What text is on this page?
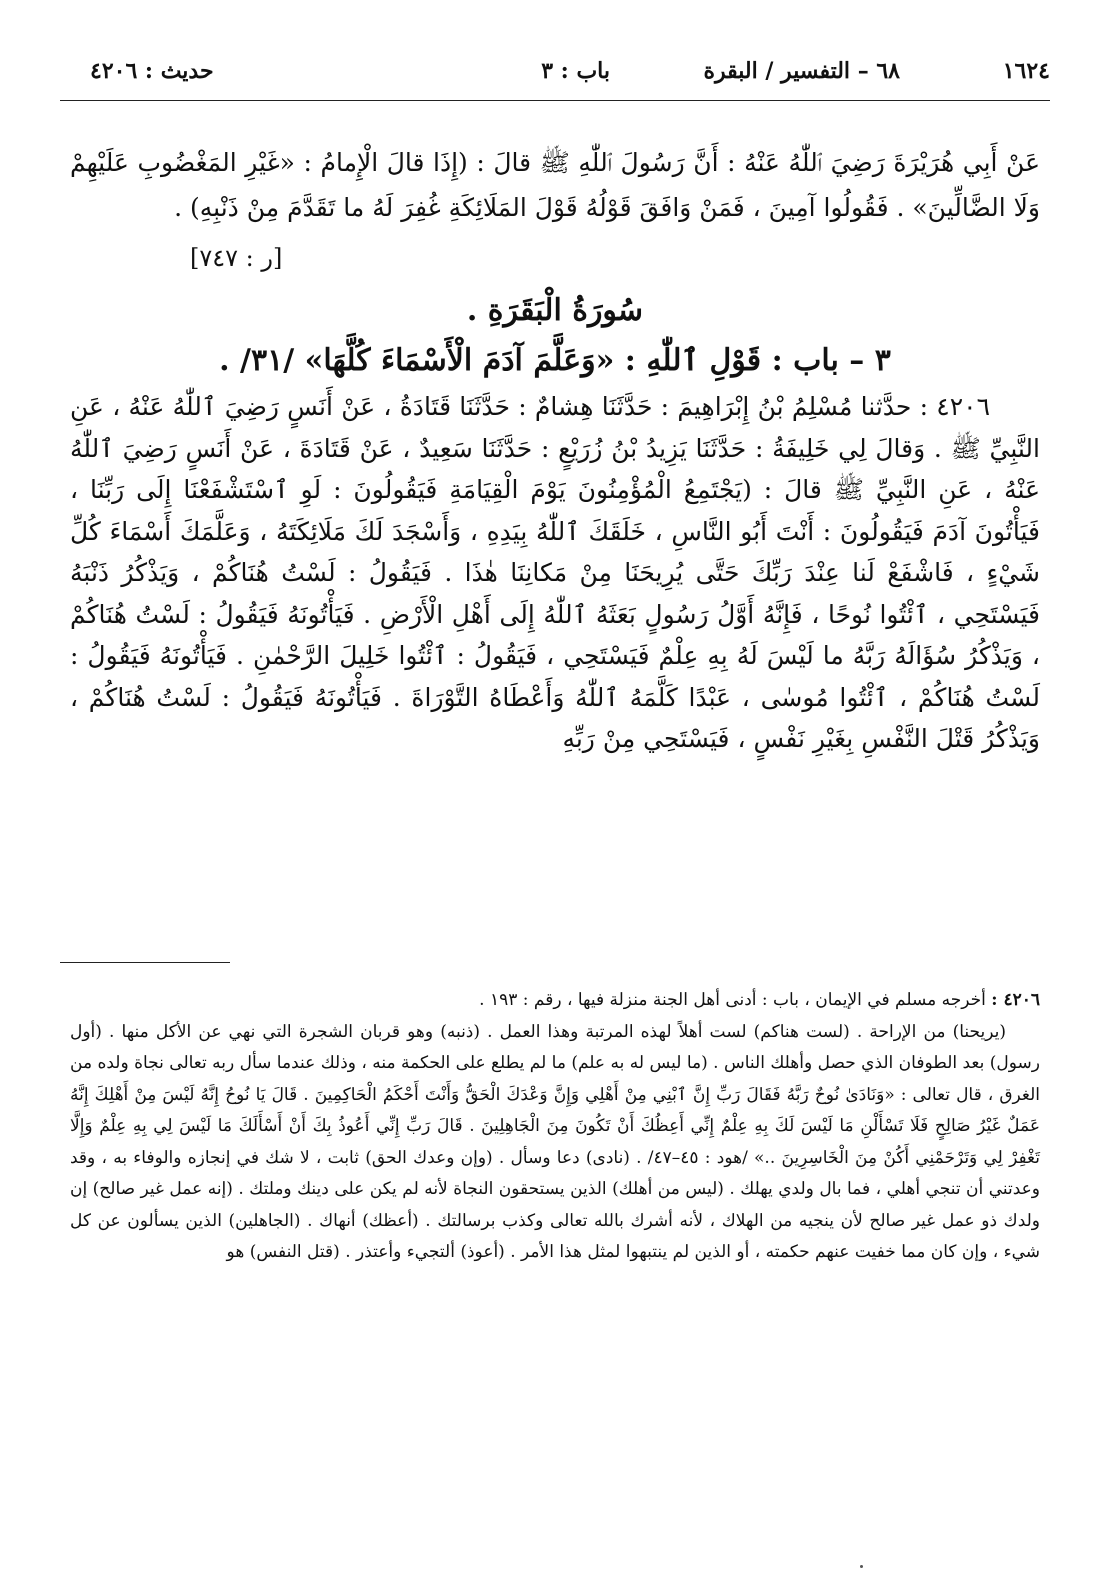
١٦٢٤
٦٨ – التفسير / البقرة
باب : ٣
حديث : ٤٢٠٦

عَنْ أَبِي هُرَيْرَةَ رَضِيَ ٱللّٰهُ عَنْهُ : أَنَّ رَسُولَ ٱللّٰهِ ﷺ قالَ : (إِذَا قالَ الْإِمامُ : «غَيْرِ المَغْضُوبِ عَلَيْهِمْ وَلَا الضَّالِّينَ» . فَقُولُوا آمِينَ ، فَمَنْ وَافَقَ قَوْلُهُ قَوْلَ المَلَائِكَةِ غُفِرَ لَهُ ما تَقَدَّمَ مِنْ ذَنْبِهِ) .

[ر : ٧٤٧]

سُورَةُ الْبَقَرَةِ .
٣ – باب : قَوْلِ ٱللّٰهِ : «وَعَلَّمَ آدَمَ الْأَسْمَاءَ كُلَّهَا» /٣١/ .

٤٢٠٦ : حدَّثنا مُسْلِمُ بْنُ إِبْرَاهِيمَ : حَدَّثَنَا هِشامٌ : حَدَّثَنَا قَتَادَةُ ، عَنْ أَنَسٍ رَضِيَ ٱللّٰهُ عَنْهُ ، عَنِ النَّبِيِّ ﷺ . وَقالَ لِي خَلِيفَةُ : حَدَّثَنَا يَزِيدُ بْنُ زُرَيْعٍ : حَدَّثَنَا سَعِيدٌ ، عَنْ قَتَادَةَ ، عَنْ أَنَسٍ رَضِيَ ٱللّٰهُ عَنْهُ ، عَنِ النَّبِيِّ ﷺ قالَ : (يَجْتَمِعُ الْمُؤْمِنُونَ يَوْمَ الْقِيَامَةِ فَيَقُولُونَ : لَوِ ٱسْتَشْفَعْنَا إِلَى رَبِّنَا ، فَيَأْتُونَ آدَمَ فَيَقُولُونَ : أَنْتَ أَبُو النَّاسِ ، خَلَقَكَ ٱللّٰهُ بِيَدِهِ ، وَأَسْجَدَ لَكَ مَلَائِكَتَهُ ، وَعَلَّمَكَ أَسْمَاءَ كُلِّ شَيْءٍ ، فَاشْفَعْ لَنا عِنْدَ رَبِّكَ حَتَّى يُرِيحَنَا مِنْ مَكانِنَا هٰذَا . فَيَقُولُ : لَسْتُ هُنَاكُمْ ، وَيَذْكُرُ ذَنْبَهُ فَيَسْتَحِي ، ٱئْتُوا نُوحًا ، فَإِنَّهُ أَوَّلُ رَسُولٍ بَعَثَهُ ٱللّٰهُ إِلَى أَهْلِ الْأَرْضِ . فَيَأْتُونَهُ فَيَقُولُ : لَسْتُ هُنَاكُمْ ، وَيَذْكُرُ سُؤَالَهُ رَبَّهُ ما لَيْسَ لَهُ بِهِ عِلْمٌ فَيَسْتَحِي ، فَيَقُولُ : ٱئْتُوا خَلِيلَ الرَّحْمٰنِ . فَيَأْتُونَهُ فَيَقُولُ : لَسْتُ هُنَاكُمْ ، ٱئْتُوا مُوسٰى ، عَبْدًا كَلَّمَهُ ٱللّٰهُ وَأَعْطَاهُ التَّوْرَاةَ . فَيَأْتُونَهُ فَيَقُولُ : لَسْتُ هُنَاكُمْ ، وَيَذْكُرُ قَتْلَ النَّفْسِ بِغَيْرِ نَفْسٍ ، فَيَسْتَحِي مِنْ رَبِّهِ

٤٢٠٦ : أخرجه مسلم في الإيمان ، باب : أدنى أهل الجنة منزلة فيها ، رقم : ١٩٣ .

(يريحنا) من الإراحة . (لست هناكم) لست أهلاً لهذه المرتبة وهذا العمل . (ذنبه) وهو قربان الشجرة التي نهي عن الأكل منها . (أول رسول) بعد الطوفان الذي حصل وأهلك الناس . (ما ليس له به علم) ما لم يطلع على الحكمة منه ، وذلك عندما سأل ربه تعالى نجاة ولده من الغرق ، قال تعالى : «وَنَادَىٰ نُوحٌ رَبَّهُ فَقَالَ رَبِّ إِنَّ ٱبْنِي مِنْ أَهْلِي وَإِنَّ وَعْدَكَ الْحَقُّ وَأَنْتَ أَحْكَمُ الْحَاكِمِينَ . قَالَ يَا نُوحُ إِنَّهُ لَيْسَ مِنْ أَهْلِكَ إِنَّهُ عَمَلٌ غَيْرُ صَالِحٍ فَلَا تَسْأَلْنِ مَا لَيْسَ لَكَ بِهِ عِلْمٌ إِنِّي أَعِظُكَ أَنْ تَكُونَ مِنَ الْجَاهِلِينَ . قَالَ رَبِّ إِنِّي أَعُوذُ بِكَ أَنْ أَسْأَلَكَ مَا لَيْسَ لِي بِهِ عِلْمٌ وَإِلَّا تَغْفِرْ لِي وَتَرْحَمْنِي أَكُنْ مِنَ الْخَاسِرِينَ ..» /هود : ٤٥–٤٧/ . (نادى) دعا وسأل . (وإن وعدك الحق) ثابت ، لا شك في إنجازه والوفاء به ، وقد وعدتني أن تنجي أهلي ، فما بال ولدي يهلك . (ليس من أهلك) الذين يستحقون النجاة لأنه لم يكن على دينك وملتك . (إنه عمل غير صالح) إن ولدك ذو عمل غير صالح لأن ينجيه من الهلاك ، لأنه أشرك بالله تعالى وكذب برسالتك . (أعظك) أنهاك . (الجاهلين) الذين يسألون عن كل شيء ، وإن كان مما خفيت عنهم حكمته ، أو الذين لم ينتبهوا لمثل هذا الأمر . (أعوذ) ألتجيء وأعتذر . (قتل النفس) هو
